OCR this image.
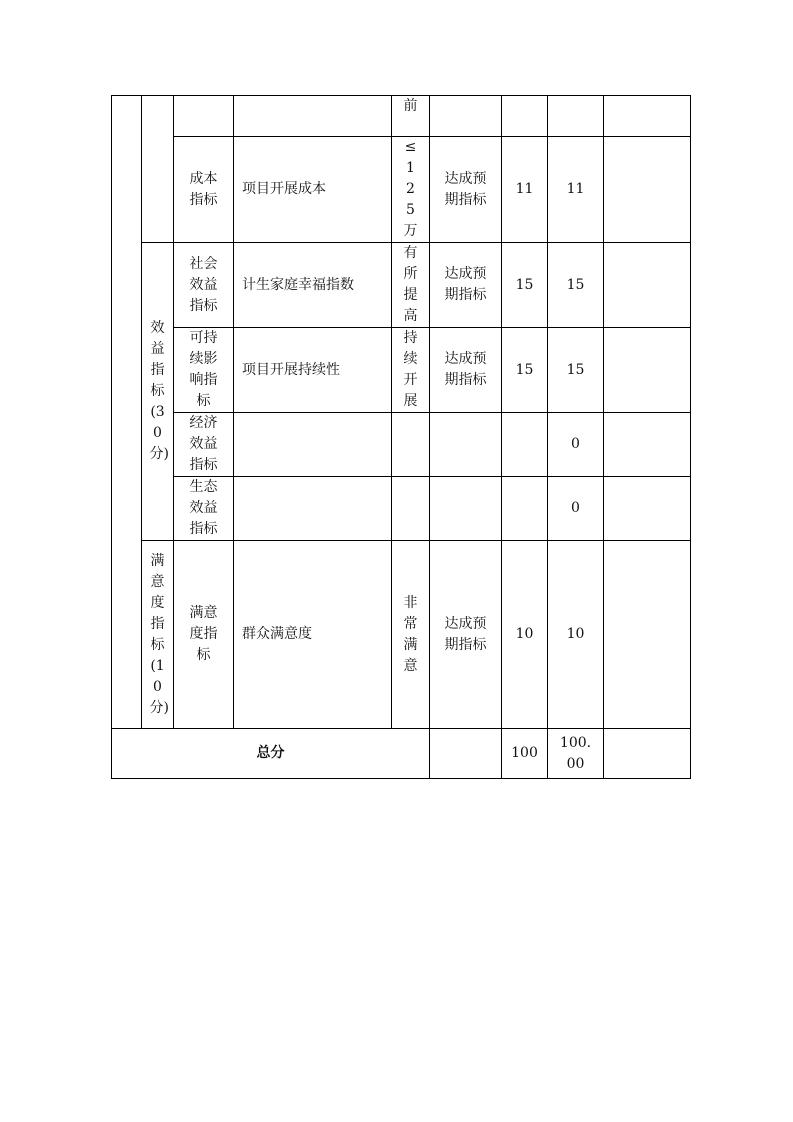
				前				

		成本指标	项目开展成本	≤125万	达成预期指标	11	11	

	效益指标(30分)	社会效益指标	计生家庭幸福指数	有所提高	达成预期指标	15	15	

		可持续影响指标	项目开展持续性	持续开展	达成预期指标	15	15	

		经济效益指标					0	

		生态效益指标					0	

	满意度指标(10分)	满意度指标	群众满意度	非常满意	达成预期指标	10	10	
总分						100	100.00	
